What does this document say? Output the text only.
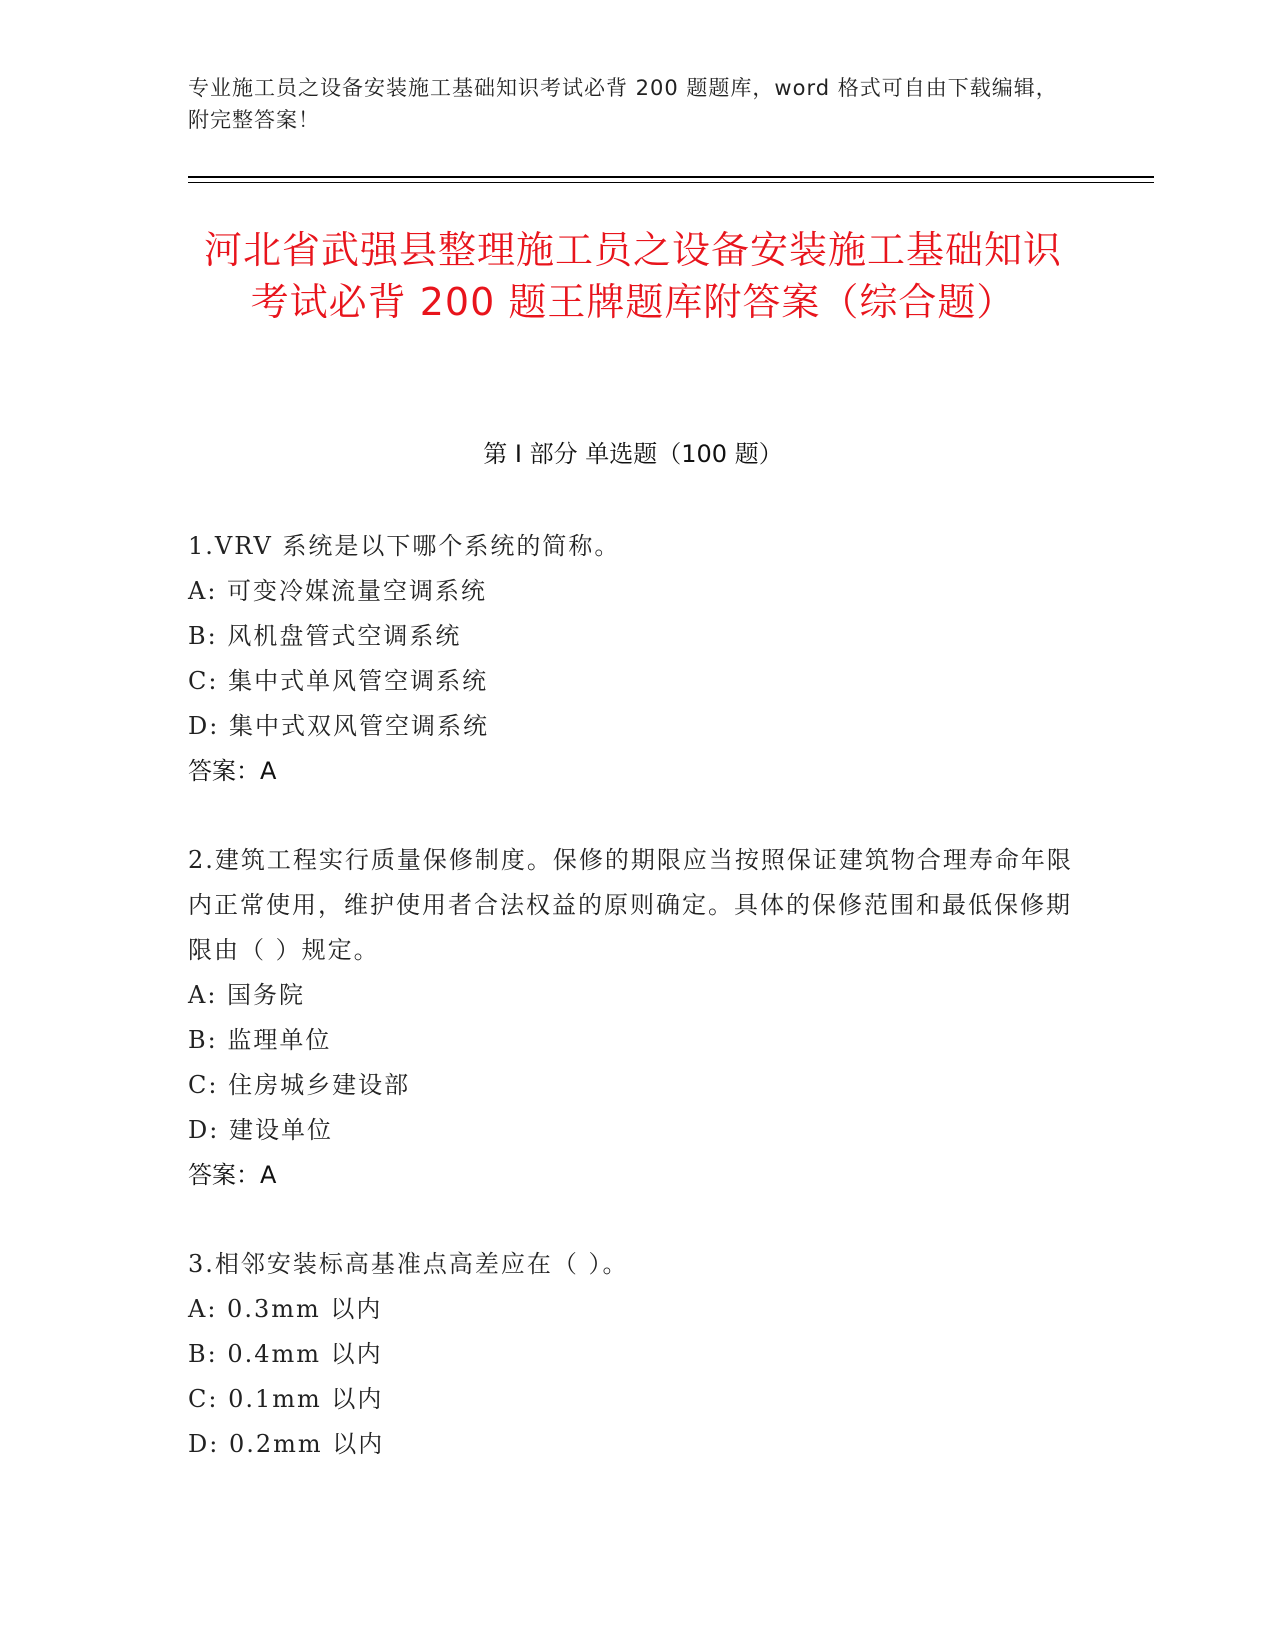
专业施工员之设备安装施工基础知识考试必背 200 题题库，word 格式可自由下载编辑，附完整答案！
河北省武强县整理施工员之设备安装施工基础知识考试必背 200 题王牌题库附答案（综合题）
第 I 部分 单选题（100 题）
1.VRV 系统是以下哪个系统的简称。
A: 可变冷媒流量空调系统
B: 风机盘管式空调系统
C: 集中式单风管空调系统
D: 集中式双风管空调系统
答案：A
2.建筑工程实行质量保修制度。保修的期限应当按照保证建筑物合理寿命年限内正常使用，维护使用者合法权益的原则确定。具体的保修范围和最低保修期限由（ ）规定。
A: 国务院
B: 监理单位
C: 住房城乡建设部
D: 建设单位
答案：A
3.相邻安装标高基准点高差应在（ ）。
A: 0.3mm 以内
B: 0.4mm 以内
C: 0.1mm 以内
D: 0.2mm 以内
